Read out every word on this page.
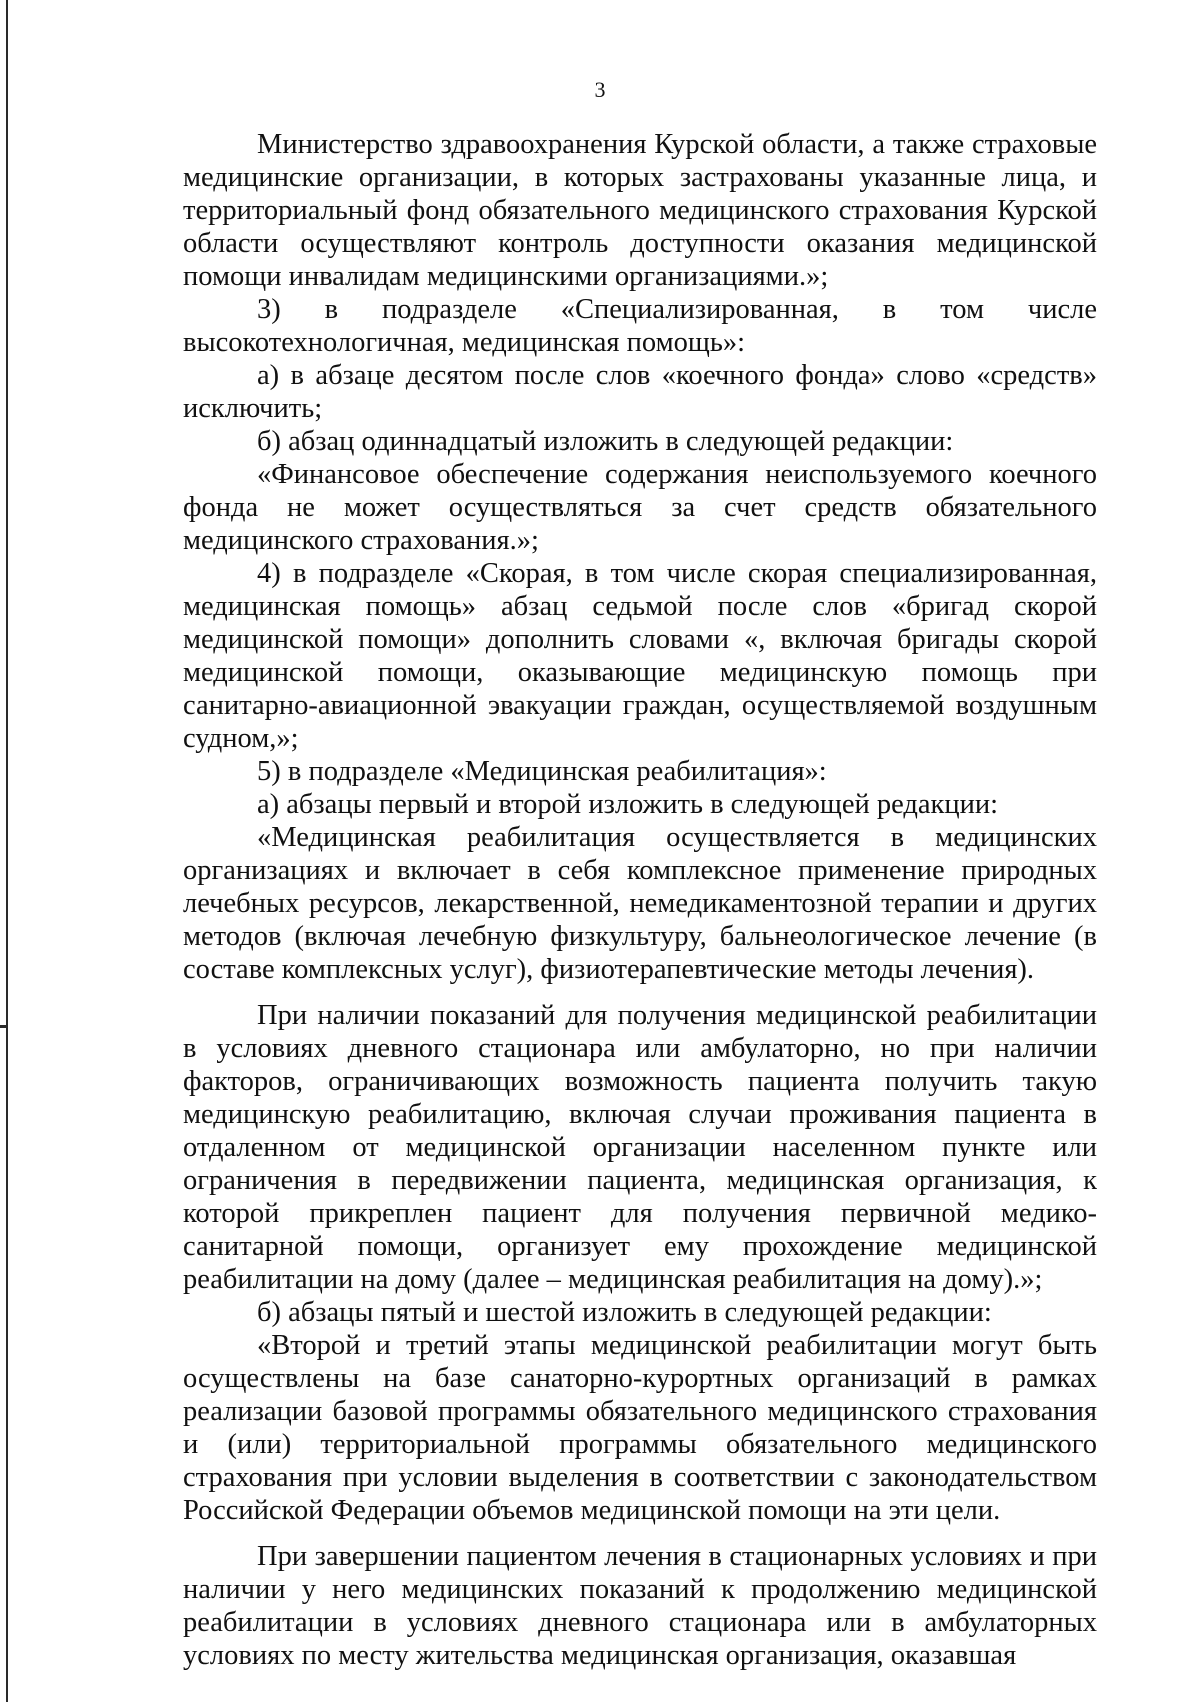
3

Министерство здравоохранения Курской области, а также страховые медицинские организации, в которых застрахованы указанные лица, и территориальный фонд обязательного медицинского страхования Курской области осуществляют контроль доступности оказания медицинской помощи инвалидам медицинскими организациями.»;

3) в подразделе «Специализированная, в том числе высокотехнологичная, медицинская помощь»:

а) в абзаце десятом после слов «коечного фонда» слово «средств» исключить;

б) абзац одиннадцатый изложить в следующей редакции:

«Финансовое обеспечение содержания неиспользуемого коечного фонда не может осуществляться за счет средств обязательного медицинского страхования.»;

4) в подразделе «Скорая, в том числе скорая специализированная, медицинская помощь» абзац седьмой после слов «бригад скорой медицинской помощи» дополнить словами «, включая бригады скорой медицинской помощи, оказывающие медицинскую помощь при санитарно-авиационной эвакуации граждан, осуществляемой воздушным судном,»;

5) в подразделе «Медицинская реабилитация»:

а) абзацы первый и второй изложить в следующей редакции:

«Медицинская реабилитация осуществляется в медицинских организациях и включает в себя комплексное применение природных лечебных ресурсов, лекарственной, немедикаментозной терапии и других методов (включая лечебную физкультуру, бальнеологическое лечение (в составе комплексных услуг), физиотерапевтические методы лечения).

При наличии показаний для получения медицинской реабилитации в условиях дневного стационара или амбулаторно, но при наличии факторов, ограничивающих возможность пациента получить такую медицинскую реабилитацию, включая случаи проживания пациента в отдаленном от медицинской организации населенном пункте или ограничения в передвижении пациента, медицинская организация, к которой прикреплен пациент для получения первичной медико-санитарной помощи, организует ему прохождение медицинской реабилитации на дому (далее – медицинская реабилитация на дому).»;

б) абзацы пятый и шестой изложить в следующей редакции:

«Второй и третий этапы медицинской реабилитации могут быть осуществлены на базе санаторно-курортных организаций в рамках реализации базовой программы обязательного медицинского страхования и (или) территориальной программы обязательного медицинского страхования при условии выделения в соответствии с законодательством Российской Федерации объемов медицинской помощи на эти цели.

При завершении пациентом лечения в стационарных условиях и при наличии у него медицинских показаний к продолжению медицинской реабилитации в условиях дневного стационара или в амбулаторных условиях по месту жительства медицинская организация, оказавшая
